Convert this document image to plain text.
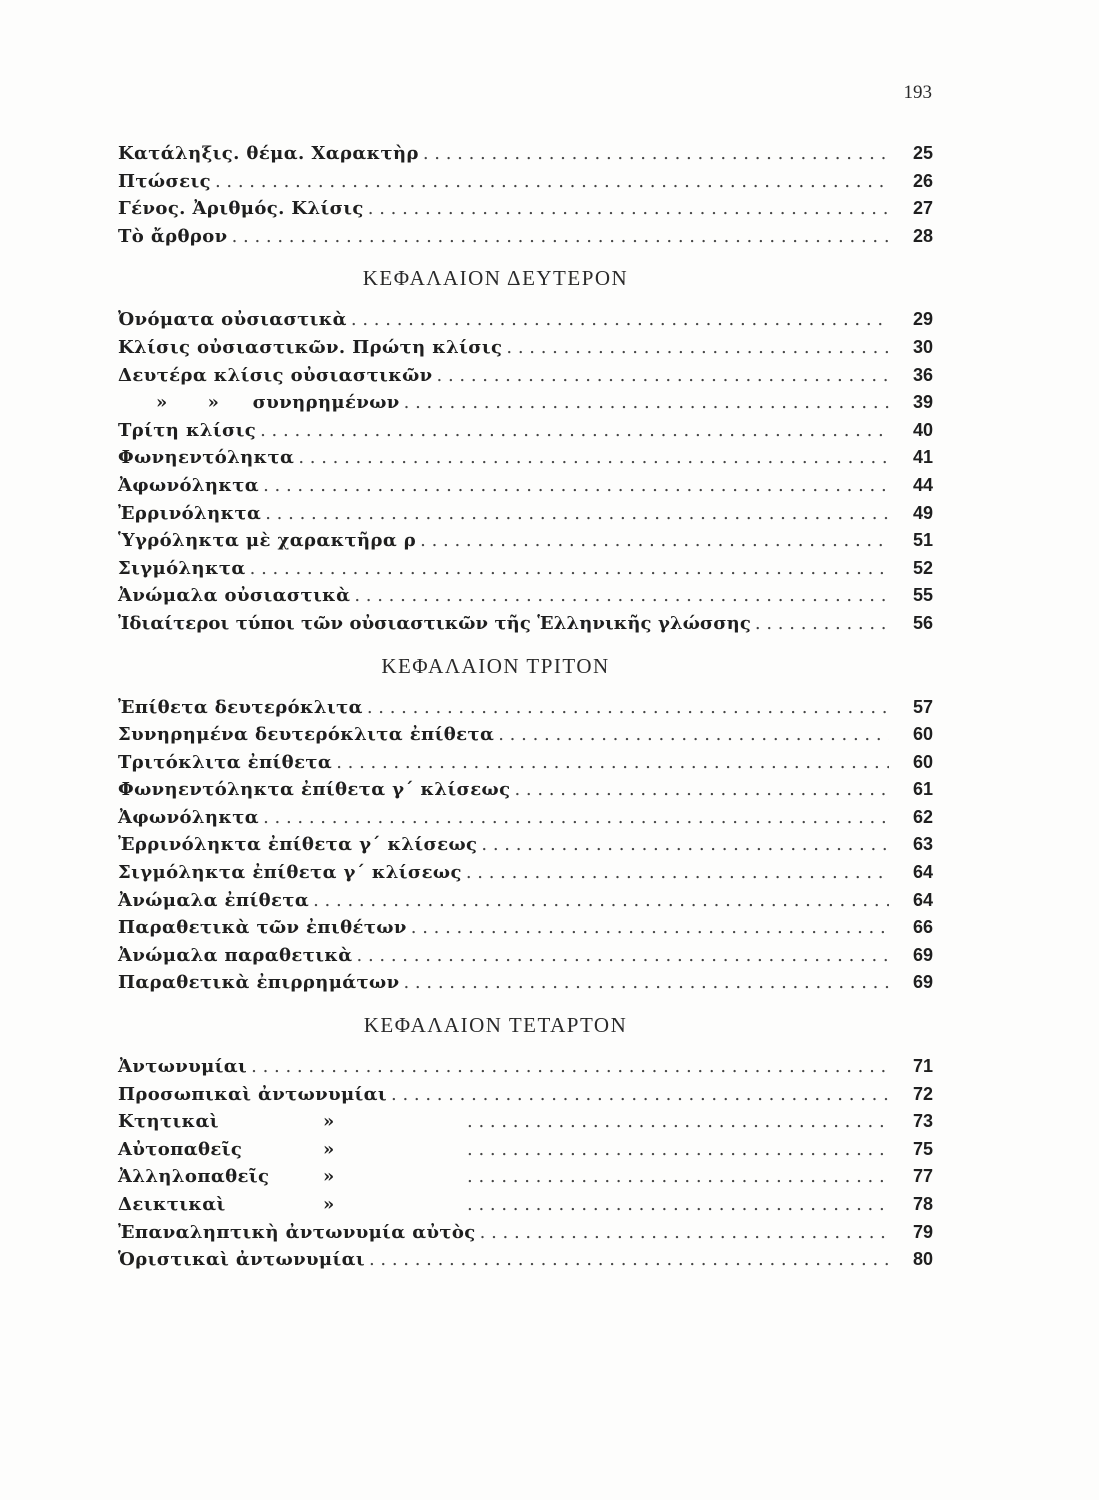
193
Κατάληξις. θέμα. Χαρακτὴρ . . .	25
Πτώσεις . . .	26
Γένος. Ἀριθμός. Κλίσις . . .	27
Τὸ ἄρθρον . . .	28
ΚΕΦΑΛΑΙΟΝ ΔΕΥΤΕΡΟΝ
Ὀνόματα οὐσιαστικὰ . . .	29
Κλίσις οὐσιαστικῶν. Πρώτη κλίσις . . .	30
Δευτέρα κλίσις οὐσιαστικῶν . . .	36
»      »     συνηρημένων . . .	39
Τρίτη κλίσις . . .	40
Φωνηεντόληκτα . . .	41
Ἀφωνόληκτα . . .	44
Ἐρρινόληκτα . . .	49
Ὑγρόληκτα μὲ χαρακτῆρα ρ . . .	51
Σιγμόληκτα . . .	52
Ἀνώμαλα οὐσιαστικὰ . . .	55
Ἰδιαίτεροι τύποι τῶν οὐσιαστικῶν τῆς Ἑλληνικῆς γλώσσης . . .	56
ΚΕΦΑΛΑΙΟΝ ΤΡΙΤΟΝ
Ἐπίθετα δευτερόκλιτα . . .	57
Συνηρημένα δευτερόκλιτα ἐπίθετα . . .	60
Τριτόκλιτα ἐπίθετα . . .	60
Φωνηεντόληκτα ἐπίθετα γ΄ κλίσεως . . .	61
Ἀφωνόληκτα . . .	62
Ἐρρινόληκτα ἐπίθετα γ΄ κλίσεως . . .	63
Σιγμόληκτα ἐπίθετα γ΄ κλίσεως . . .	64
Ἀνώμαλα ἐπίθετα . . .	64
Παραθετικὰ τῶν ἐπιθέτων . . .	66
Ἀνώμαλα παραθετικὰ . . .	69
Παραθετικὰ ἐπιρρημάτων . . .	69
ΚΕΦΑΛΑΙΟΝ ΤΕΤΑΡΤΟΝ
Ἀντωνυμίαι . . .	71
Προσωπικαὶ ἀντωνυμίαι . . .	72
Κτητικαὶ	» . . .	73
Αὐτοπαθεῖς	» . . .	75
Ἀλληλοπαθεῖς	» . . .	77
Δεικτικαὶ	» . . .	78
Ἐπαναληπτικὴ ἀντωνυμία αὐτὸς . . .	79
Ὁριστικαὶ ἀντωνυμίαι . . .	80
